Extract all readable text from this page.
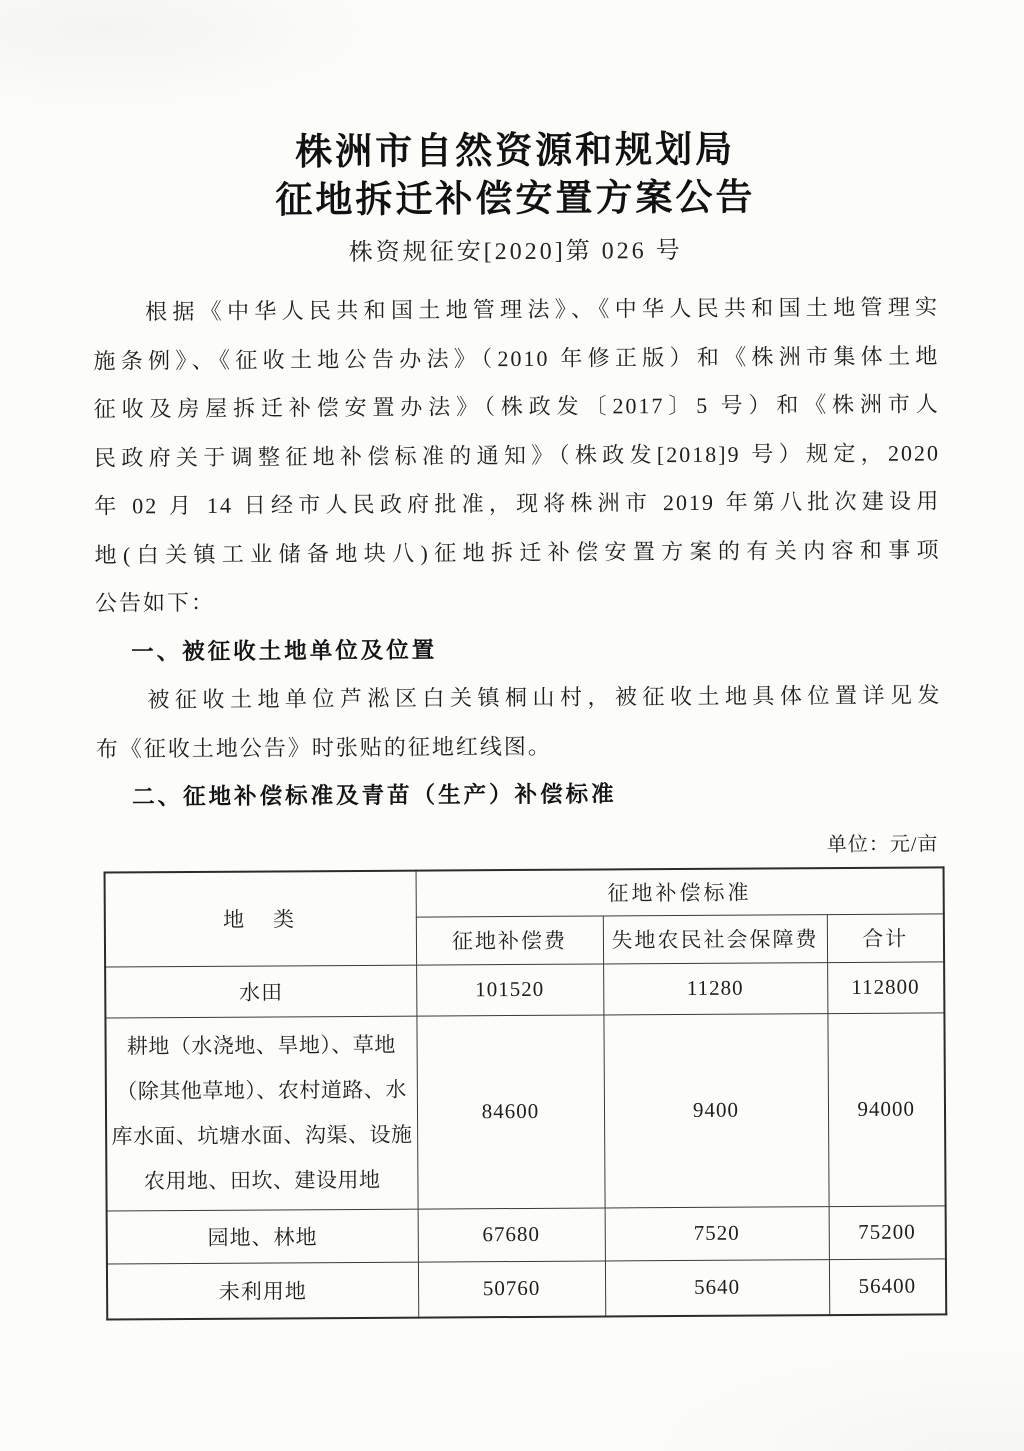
株洲市自然资源和规划局
征地拆迁补偿安置方案公告
株资规征安[2020]第 026 号
根据《中华人民共和国土地管理法》、《中华人民共和国土地管理实
施条例》、《征收土地公告办法》（2010 年修正版）和《株洲市集体土地
征收及房屋拆迁补偿安置办法》（株政发〔2017〕5 号）和《株洲市人
民政府关于调整征地补偿标准的通知》（株政发[2018]9 号）规定，2020
年 02 月 14 日经市人民政府批准，现将株洲市 2019 年第八批次建设用
地(白关镇工业储备地块八)征地拆迁补偿安置方案的有关内容和事项
公告如下：
一、被征收土地单位及位置
被征收土地单位芦淞区白关镇桐山村，被征收土地具体位置详见发
布《征收土地公告》时张贴的征地红线图。
二、征地补偿标准及青苗（生产）补偿标准
单位：元/亩
地　类	征地补偿标准		
	征地补偿费	失地农民社会保障费	合计
水田	101520	11280	112800
耕地（水浇地、旱地）、草地（除其他草地）、农村道路、水库水面、坑塘水面、沟渠、设施农用地、田坎、建设用地	84600	9400	94000
园地、林地	67680	7520	75200
未利用地	50760	5640	56400
